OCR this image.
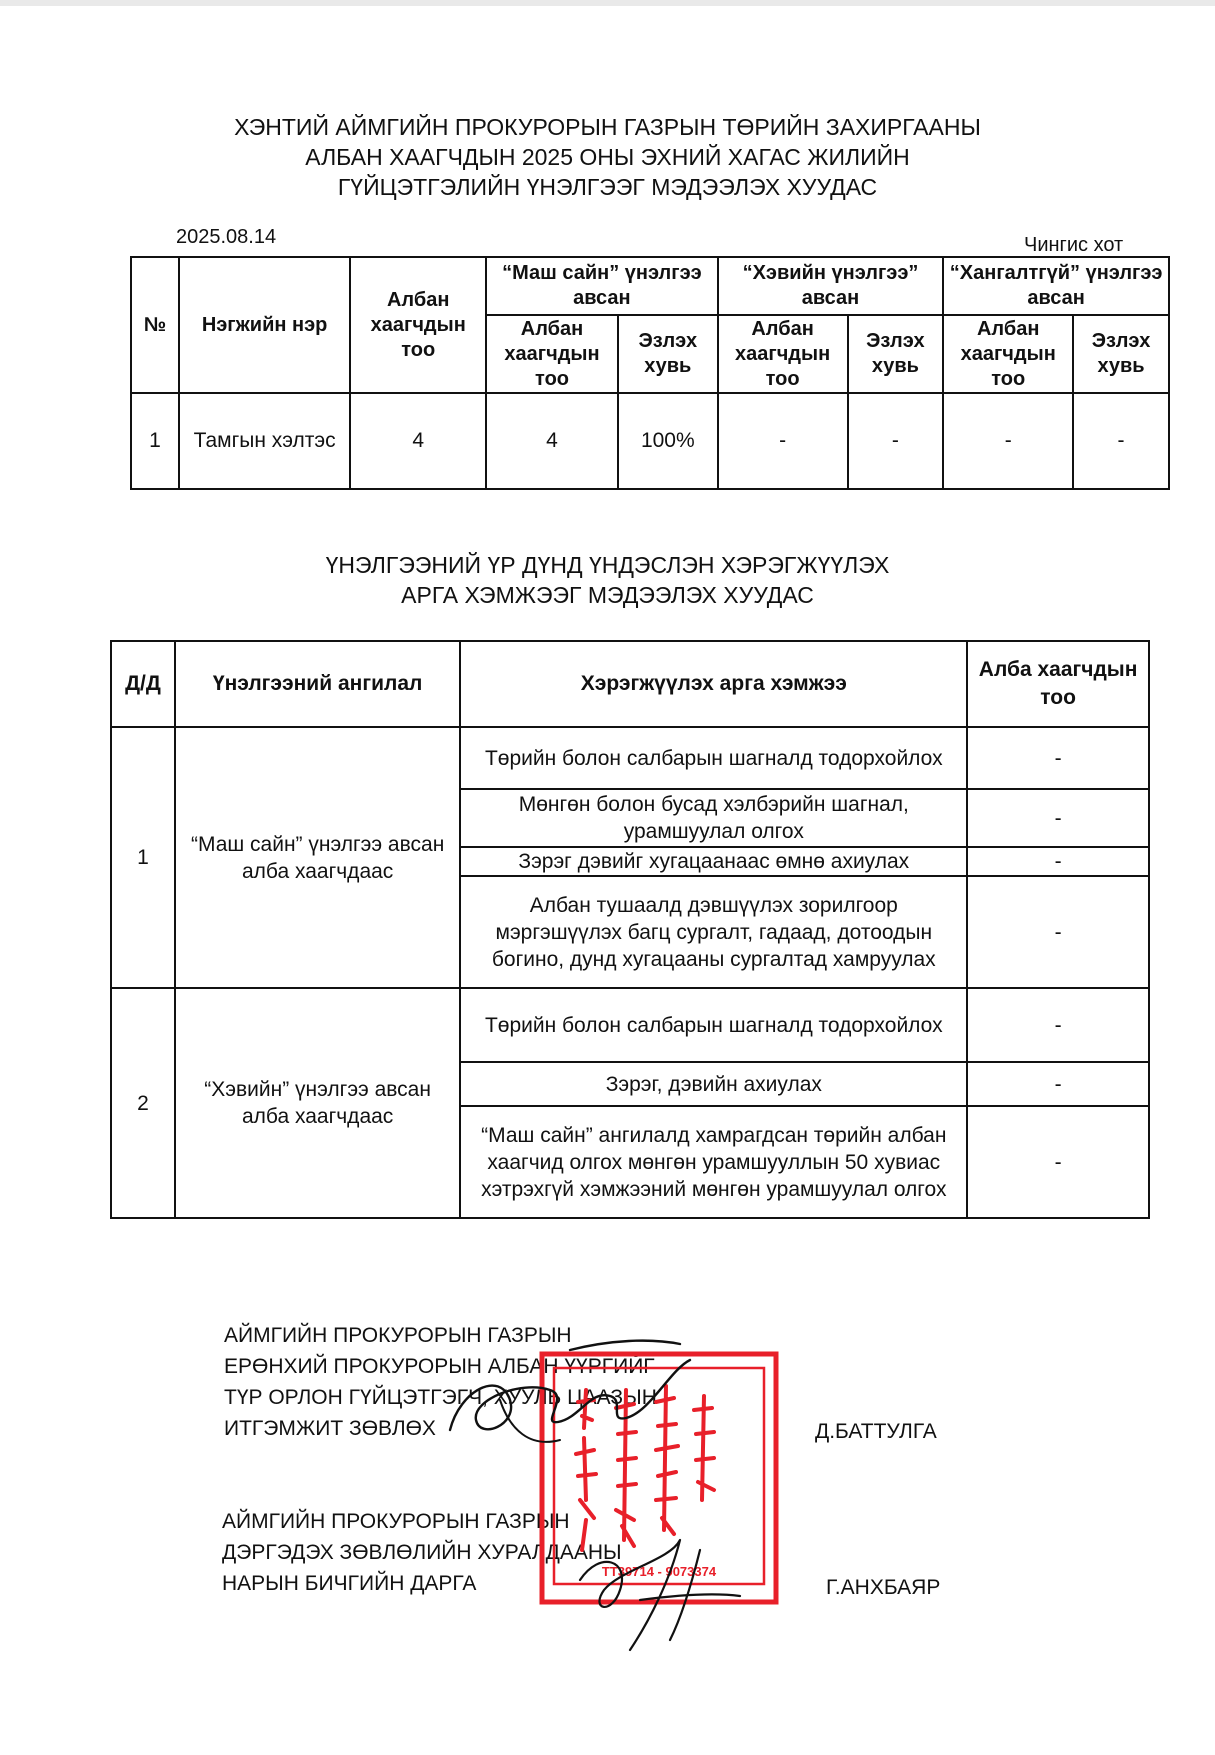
ХЭНТИЙ АЙМГИЙН ПРОКУРОРЫН ГАЗРЫН ТӨРИЙН ЗАХИРГААНЫ
АЛБАН ХААГЧДЫН 2025 ОНЫ ЭХНИЙ ХАГАС ЖИЛИЙН
ГҮЙЦЭТГЭЛИЙН ҮНЭЛГЭЭГ МЭДЭЭЛЭХ ХУУДАС
2025.08.14	Чингис хот
№	Нэгжийн нэр	Албан хаагчдын тоо	“Маш сайн” үнэлгээ авсан		“Хэвийн үнэлгээ” авсан		“Хангалтгүй” үнэлгээ авсан	
			Албан хаагчдын тоо	Эзлэх хувь	Албан хаагчдын тоо	Эзлэх хувь	Албан хаагчдын тоо	Эзлэх хувь
1	Тамгын хэлтэс	4	4	100%	-	-	-	-
ҮНЭЛГЭЭНИЙ ҮР ДҮНД ҮНДЭСЛЭН ХЭРЭГЖҮҮЛЭХ
АРГА ХЭМЖЭЭГ МЭДЭЭЛЭХ ХУУДАС
Д/Д	Үнэлгээний ангилал	Хэрэгжүүлэх арга хэмжээ	Алба хаагчдын тоо
1	“Маш сайн” үнэлгээ авсан алба хаагчдаас	Төрийн болон салбарын шагналд тодорхойлох	-
		Мөнгөн болон бусад хэлбэрийн шагнал, урамшуулал олгох	-
		Зэрэг дэвийг хугацаанаас өмнө ахиулах	-
		Албан тушаалд дэвшүүлэх зорилгоор мэргэшүүлэх багц сургалт, гадаад, дотоодын богино, дунд хугацааны сургалтад хамруулах	-
2	“Хэвийн” үнэлгээ авсан алба хаагчдаас	Төрийн болон салбарын шагналд тодорхойлох	-
		Зэрэг, дэвийн ахиулах	-
		“Маш сайн” ангилалд хамрагдсан төрийн албан хаагчид олгох мөнгөн урамшууллын 50 хувиас хэтрэхгүй хэмжээний мөнгөн урамшуулал олгох	-
АЙМГИЙН ПРОКУРОРЫН ГАЗРЫН
ЕРӨНХИЙ ПРОКУРОРЫН АЛБАН ҮҮРГИЙГ
ТҮР ОРЛОН ГҮЙЦЭТГЭГЧ, ХУУЛЬ ЦААЗЫН
ИТГЭМЖИТ ЗӨВЛӨХ	Д.БАТТУЛГА
АЙМГИЙН ПРОКУРОРЫН ГАЗРЫН
ДЭРГЭДЭХ ЗӨВЛӨЛИЙН ХУРАЛДААНЫ
НАРЫН БИЧГИЙН ДАРГА	Г.АНХБАЯР
ТТ39714 - 9073374
